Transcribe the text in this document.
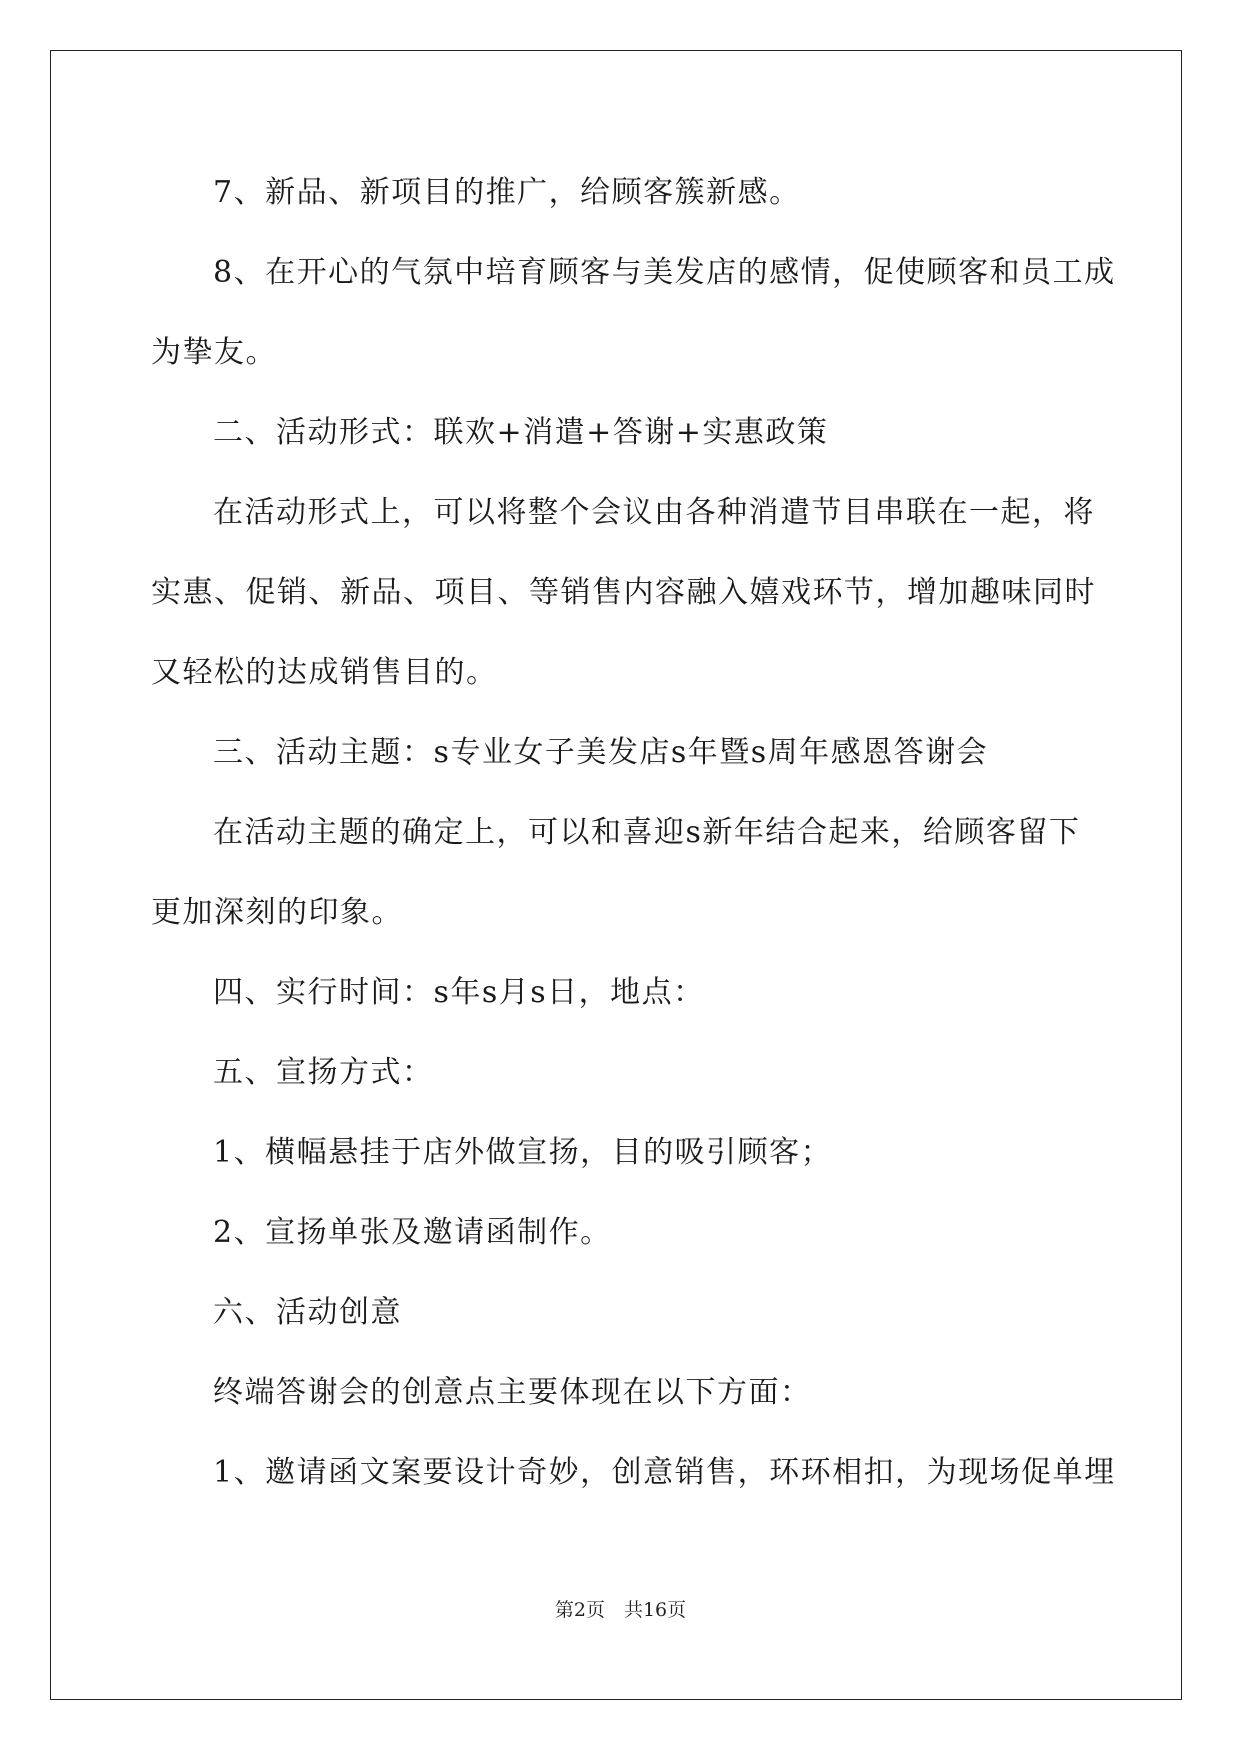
7、新品、新项目的推广，给顾客簇新感。
8、在开心的气氛中培育顾客与美发店的感情，促使顾客和员工成
为挚友。
二、活动形式：联欢+消遣+答谢+实惠政策
在活动形式上，可以将整个会议由各种消遣节目串联在一起，将
实惠、促销、新品、项目、等销售内容融入嬉戏环节，增加趣味同时
又轻松的达成销售目的。
三、活动主题：s专业女子美发店s年暨s周年感恩答谢会
在活动主题的确定上，可以和喜迎s新年结合起来，给顾客留下
更加深刻的印象。
四、实行时间：s年s月s日，地点：
五、宣扬方式：
1、横幅悬挂于店外做宣扬，目的吸引顾客；
2、宣扬单张及邀请函制作。
六、活动创意
终端答谢会的创意点主要体现在以下方面：
1、邀请函文案要设计奇妙，创意销售，环环相扣，为现场促单埋
第2页　共16页
